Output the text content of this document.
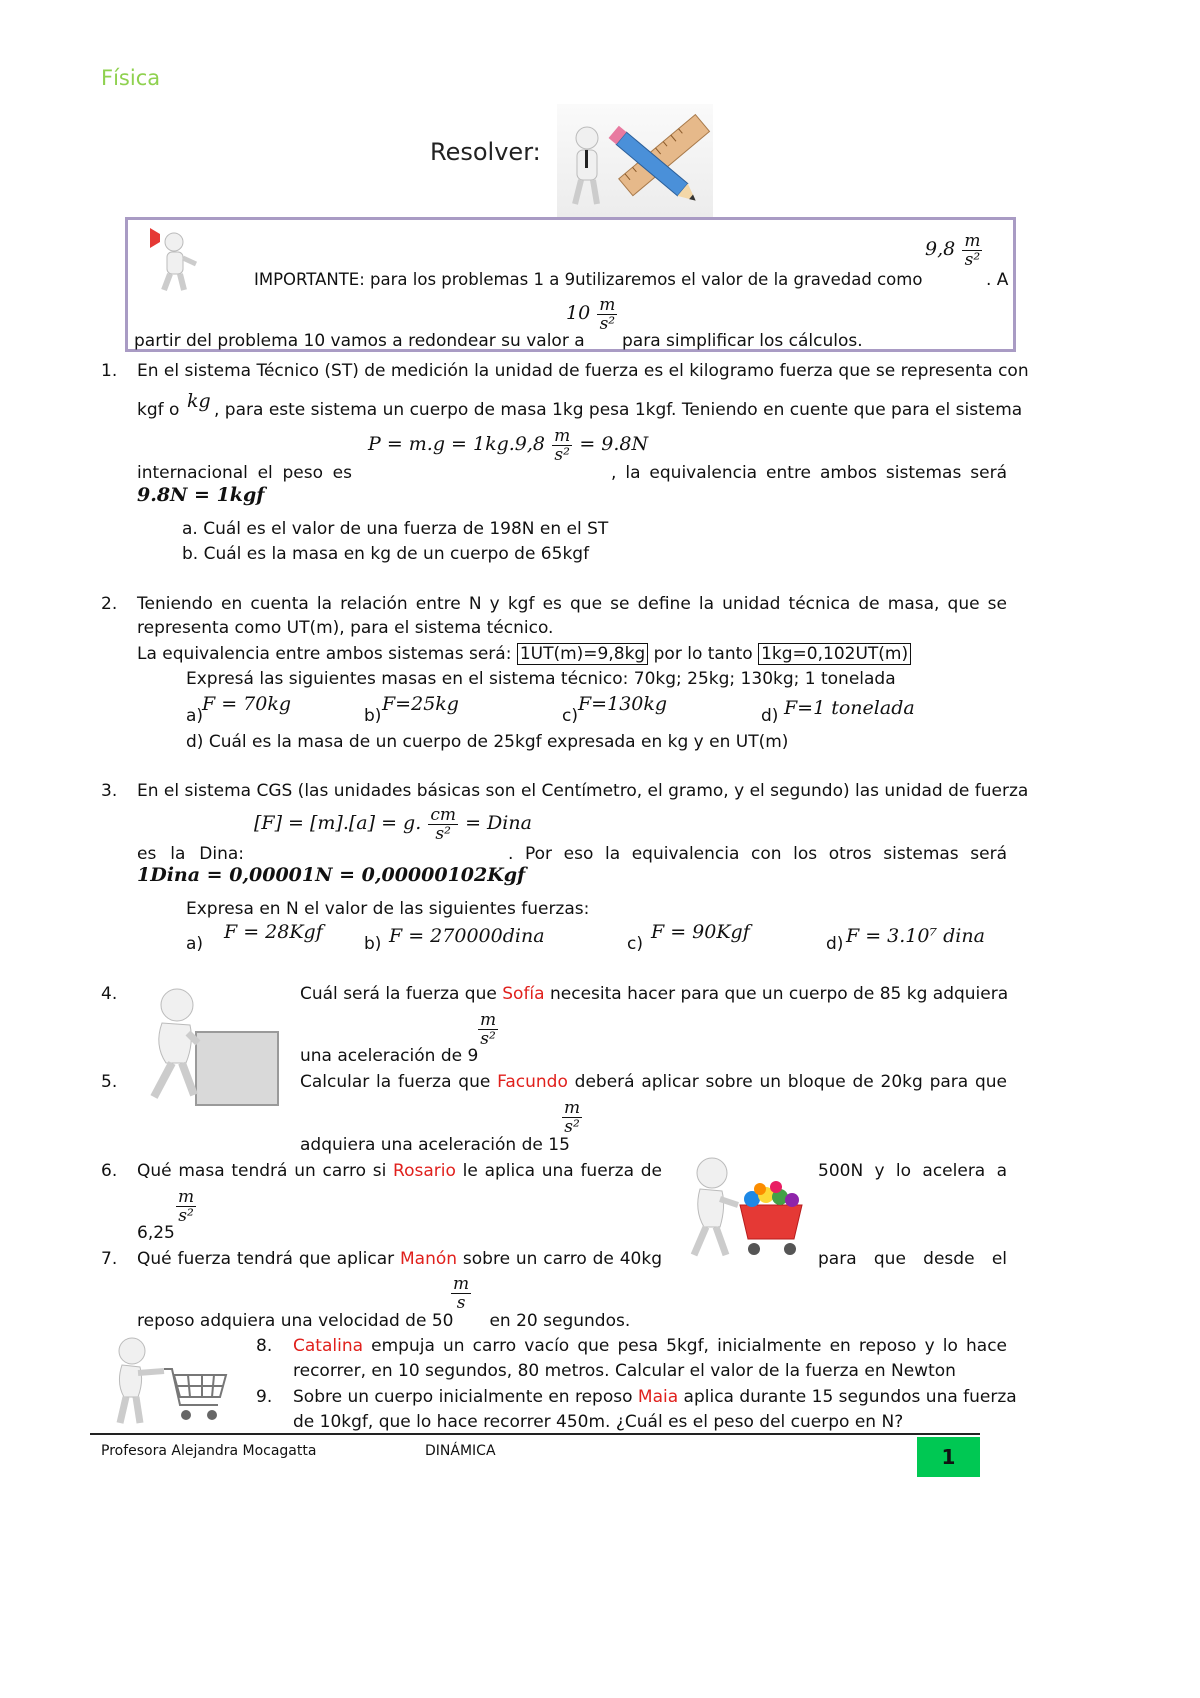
Física
Resolver:
IMPORTANTE: para los problemas 1 a 9utilizaremos el valor de la gravedad como
$9,8 \frac{m}{\text{s²}}$
. A
$10 \frac{m}{\text{s²}}$
partir del problema 10 vamos a redondear su valor a para simplificar los cálculos.
1. En el sistema Técnico (ST) de medición la unidad de fuerza es el kilogramo fuerza que se representa con
kgf o kg , para este sistema un cuerpo de masa 1kg pesa 1kgf. Teniendo en cuente que para el sistema
$P = m.g = 1kg.9,8 \frac{m}{\text{s²}} = 9.8N$
internacional el peso es	, la equivalencia entre ambos sistemas será
9.8N = 1kgf
a. Cuál es el valor de una fuerza de 198N en el ST
b. Cuál es la masa en kg de un cuerpo de 65kgf
2. Teniendo en cuenta la relación entre N y kgf es que se define la unidad técnica de masa, que se
representa como UT(m), para el sistema técnico.
La equivalencia entre ambos sistemas será: 1UT(m)=9,8kg por lo tanto 1kg=0,102UT(m)
Expresá las siguientes masas en el sistema técnico: 70kg; 25kg; 130kg; 1 tonelada
a)
F = 70kg
b)
F=25kg
c)
F=130kg
d) F=1 tonelada
d) Cuál es la masa de un cuerpo de 25kgf expresada en kg y en UT(m)
3. En el sistema CGS (las unidades básicas son el Centímetro, el gramo, y el segundo) las unidad de fuerza
[F] = [m].[a] = g. $\frac{cm}{\text{s²}}$ = Dina
es la Dina:	. Por eso la equivalencia con los otros sistemas será
1Dina = 0,00001N = 0,00000102Kgf
Expresa en N el valor de las siguientes fuerzas:
a)
F = 28Kgf
b) F = 270000dina	c)
F = 90Kgf
d) F = 3.10⁷ dina
4.	Cuál será la fuerza que Sofía necesita hacer para que un cuerpo de 85 kg adquiera
una aceleración de 9
$\frac{m}{\text{s²}}$
5.	Calcular la fuerza que Facundo deberá aplicar sobre un bloque de 20kg para que
adquiera una aceleración de 15
$\frac{m}{\text{s²}}$
6. Qué masa tendrá un carro si Rosario le aplica una fuerza de	500N y lo acelera a
$\frac{m}{\text{s²}}$
6,25
7. Qué fuerza tendrá que aplicar Manón sobre un carro de 40kg	para que desde el
$\frac{m}{s}$
reposo adquiera una velocidad de 50 en 20 segundos.
8. Catalina empuja un carro vacío que pesa 5kgf, inicialmente en reposo y lo hace
recorrer, en 10 segundos, 80 metros. Calcular el valor de la fuerza en Newton
9. Sobre un cuerpo inicialmente en reposo Maia aplica durante 15 segundos una fuerza
de 10kgf, que lo hace recorrer 450m. ¿Cuál es el peso del cuerpo en N?
Profesora Alejandra Mocagatta	DINÁMICA	1
